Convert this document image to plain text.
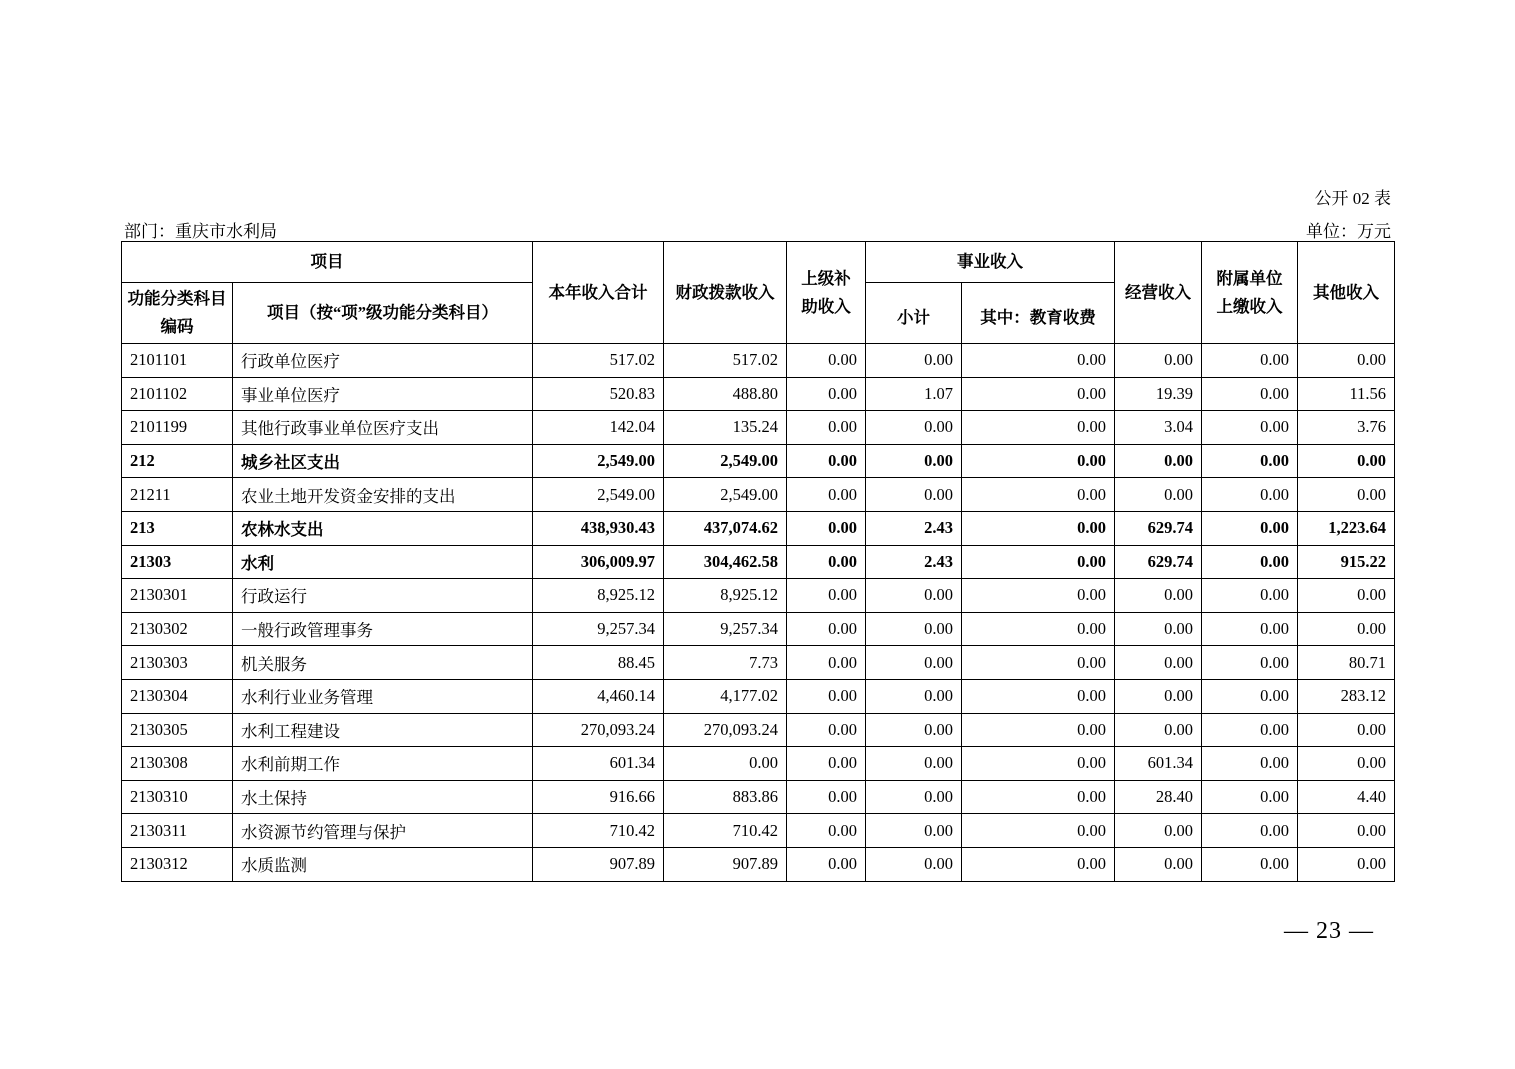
公开 02 表
部门：重庆市水利局	单位：万元
项目		本年收入合计	财政拨款收入	上级补助收入	事业收入		经营收入	附属单位上缴收入	其他收入
功能分类科目编码	项目（按“项”级功能分类科目）				小计	其中：教育收费			
2101101	行政单位医疗	517.02	517.02	0.00	0.00	0.00	0.00	0.00	0.00
2101102	事业单位医疗	520.83	488.80	0.00	1.07	0.00	19.39	0.00	11.56
2101199	其他行政事业单位医疗支出	142.04	135.24	0.00	0.00	0.00	3.04	0.00	3.76
212	城乡社区支出	2,549.00	2,549.00	0.00	0.00	0.00	0.00	0.00	0.00
21211	农业土地开发资金安排的支出	2,549.00	2,549.00	0.00	0.00	0.00	0.00	0.00	0.00
213	农林水支出	438,930.43	437,074.62	0.00	2.43	0.00	629.74	0.00	1,223.64
21303	水利	306,009.97	304,462.58	0.00	2.43	0.00	629.74	0.00	915.22
2130301	行政运行	8,925.12	8,925.12	0.00	0.00	0.00	0.00	0.00	0.00
2130302	一般行政管理事务	9,257.34	9,257.34	0.00	0.00	0.00	0.00	0.00	0.00
2130303	机关服务	88.45	7.73	0.00	0.00	0.00	0.00	0.00	80.71
2130304	水利行业业务管理	4,460.14	4,177.02	0.00	0.00	0.00	0.00	0.00	283.12
2130305	水利工程建设	270,093.24	270,093.24	0.00	0.00	0.00	0.00	0.00	0.00
2130308	水利前期工作	601.34	0.00	0.00	0.00	0.00	601.34	0.00	0.00
2130310	水土保持	916.66	883.86	0.00	0.00	0.00	28.40	0.00	4.40
2130311	水资源节约管理与保护	710.42	710.42	0.00	0.00	0.00	0.00	0.00	0.00
2130312	水质监测	907.89	907.89	0.00	0.00	0.00	0.00	0.00	0.00
— 23 —
